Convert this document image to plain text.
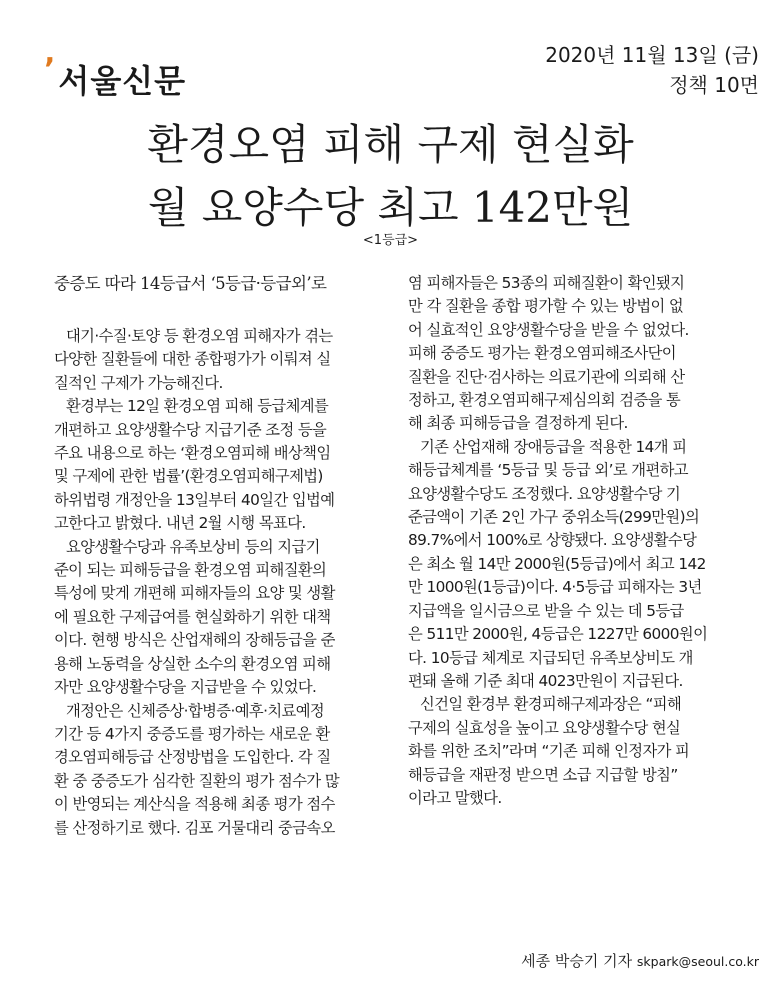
’ 서울신문
2020년 11월 13일 (금)
정책 10면
환경오염 피해 구제 현실화
월 요양수당 최고 142만원
<1등급>
중증도 따라 14등급서 ‘5등급·등급외’로

대기·수질·토양 등 환경오염 피해자가 겪는

다양한 질환들에 대한 종합평가가 이뤄져 실

질적인 구제가 가능해진다.

환경부는 12일 환경오염 피해 등급체계를

개편하고 요양생활수당 지급기준 조정 등을

주요 내용으로 하는 ‘환경오염피해 배상책임

및 구제에 관한 법률’(환경오염피해구제법)

하위법령 개정안을 13일부터 40일간 입법예

고한다고 밝혔다. 내년 2월 시행 목표다.

요양생활수당과 유족보상비 등의 지급기

준이 되는 피해등급을 환경오염 피해질환의

특성에 맞게 개편해 피해자들의 요양 및 생활

에 필요한 구제급여를 현실화하기 위한 대책

이다. 현행 방식은 산업재해의 장해등급을 준

용해 노동력을 상실한 소수의 환경오염 피해

자만 요양생활수당을 지급받을 수 있었다.

개정안은 신체증상·합병증·예후·치료예정

기간 등 4가지 중증도를 평가하는 새로운 환

경오염피해등급 산정방법을 도입한다. 각 질

환 중 중증도가 심각한 질환의 평가 점수가 많

이 반영되는 계산식을 적용해 최종 평가 점수

를 산정하기로 했다. 김포 거물대리 중금속오

염 피해자들은 53종의 피해질환이 확인됐지

만 각 질환을 종합 평가할 수 있는 방법이 없

어 실효적인 요양생활수당을 받을 수 없었다.

피해 중증도 평가는 환경오염피해조사단이

질환을 진단·검사하는 의료기관에 의뢰해 산

정하고, 환경오염피해구제심의회 검증을 통

해 최종 피해등급을 결정하게 된다.

기존 산업재해 장애등급을 적용한 14개 피

해등급체계를 ‘5등급 및 등급 외’로 개편하고

요양생활수당도 조정했다. 요양생활수당 기

준금액이 기존 2인 가구 중위소득(299만원)의

89.7%에서 100%로 상향됐다. 요양생활수당

은 최소 월 14만 2000원(5등급)에서 최고 142

만 1000원(1등급)이다. 4·5등급 피해자는 3년

지급액을 일시금으로 받을 수 있는 데 5등급

은 511만 2000원, 4등급은 1227만 6000원이

다. 10등급 체계로 지급되던 유족보상비도 개

편돼 올해 기준 최대 4023만원이 지급된다.

신건일 환경부 환경피해구제과장은 “피해

구제의 실효성을 높이고 요양생활수당 현실

화를 위한 조치”라며 “기존 피해 인정자가 피

해등급을 재판정 받으면 소급 지급할 방침”

이라고 말했다.

세종 박승기 기자 skpark@seoul.co.kr
